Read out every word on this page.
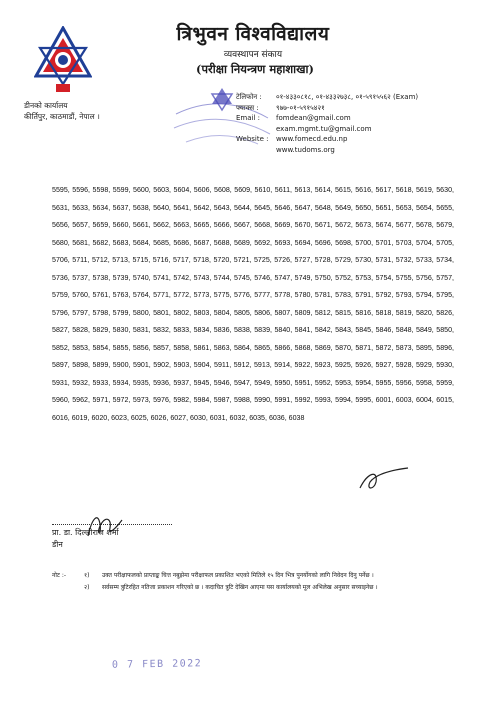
डीनको कार्यालय
कीर्तिपुर, काठमाडौं, नेपाल ।
त्रिभुवन विश्वविद्यालय
व्यवस्थापन संकाय
(परीक्षा नियन्त्रण महाशाखा)
टेलिफोन : ०१-४३३०८१८, ०१-४३३२७३८, ०१-५९१५५६२ (Exam)
फ्याक्स : ९७७-०१-५९१५४२१
Email : fomdean@gmail.com
exam.mgmt.tu@gmail.com
Website : www.fomecd.edu.np
www.tudoms.org
5595, 5596, 5598, 5599, 5600, 5603, 5604, 5606, 5608, 5609, 5610, 5611, 5613, 5614, 5615, 5616, 5617, 5618, 5619, 5630, 5631, 5633, 5634, 5637, 5638, 5640, 5641, 5642, 5643, 5644, 5645, 5646, 5647, 5648, 5649, 5650, 5651, 5653, 5654, 5655, 5656, 5657, 5659, 5660, 5661, 5662, 5663, 5665, 5666, 5667, 5668, 5669, 5670, 5671, 5672, 5673, 5674, 5677, 5678, 5679, 5680, 5681, 5682, 5683, 5684, 5685, 5686, 5687, 5688, 5689, 5692, 5693, 5694, 5696, 5698, 5700, 5701, 5703, 5704, 5705, 5706, 5711, 5712, 5713, 5715, 5716, 5717, 5718, 5720, 5721, 5725, 5726, 5727, 5728, 5729, 5730, 5731, 5732, 5733, 5734, 5736, 5737, 5738, 5739, 5740, 5741, 5742, 5743, 5744, 5745, 5746, 5747, 5749, 5750, 5752, 5753, 5754, 5755, 5756, 5757, 5759, 5760, 5761, 5763, 5764, 5771, 5772, 5773, 5775, 5776, 5777, 5778, 5780, 5781, 5783, 5791, 5792, 5793, 5794, 5795, 5796, 5797, 5798, 5799, 5800, 5801, 5802, 5803, 5804, 5805, 5806, 5807, 5809, 5812, 5815, 5816, 5818, 5819, 5820, 5826, 5827, 5828, 5829, 5830, 5831, 5832, 5833, 5834, 5836, 5838, 5839, 5840, 5841, 5842, 5843, 5845, 5846, 5848, 5849, 5850, 5852, 5853, 5854, 5855, 5856, 5857, 5858, 5861, 5863, 5864, 5865, 5866, 5868, 5869, 5870, 5871, 5872, 5873, 5895, 5896, 5897, 5898, 5899, 5900, 5901, 5902, 5903, 5904, 5911, 5912, 5913, 5914, 5922, 5923, 5925, 5926, 5927, 5928, 5929, 5930, 5931, 5932, 5933, 5934, 5935, 5936, 5937, 5945, 5946, 5947, 5949, 5950, 5951, 5952, 5953, 5954, 5955, 5956, 5958, 5959, 5960, 5962, 5971, 5972, 5973, 5976, 5982, 5984, 5987, 5988, 5990, 5991, 5992, 5993, 5994, 5995, 6001, 6003, 6004, 6015, 6016, 6019, 6020, 6023, 6025, 6026, 6027, 6030, 6031, 6032, 6035, 6036, 6038
प्रा. डा. दिल्लीराज शर्मा
डीन
नोट :-	१)	उक्त परीक्षाफलको प्राप्ताङ्क चित्त नबुझेमा परीक्षाफल प्रकाशित भएको मितिले १५ दिन भित्र पुनर्योगको लागि निवेदन दिनु पर्नेछ ।
२)	सर्वसम्म त्रुटिरहित नतिजा प्रकाशन गरिएको छ । कदाचित त्रुटि देखिन आएमा यस कार्यालयको मूल अभिलेख अनुसार सच्याइनेछ ।
0 7 FEB 2022
